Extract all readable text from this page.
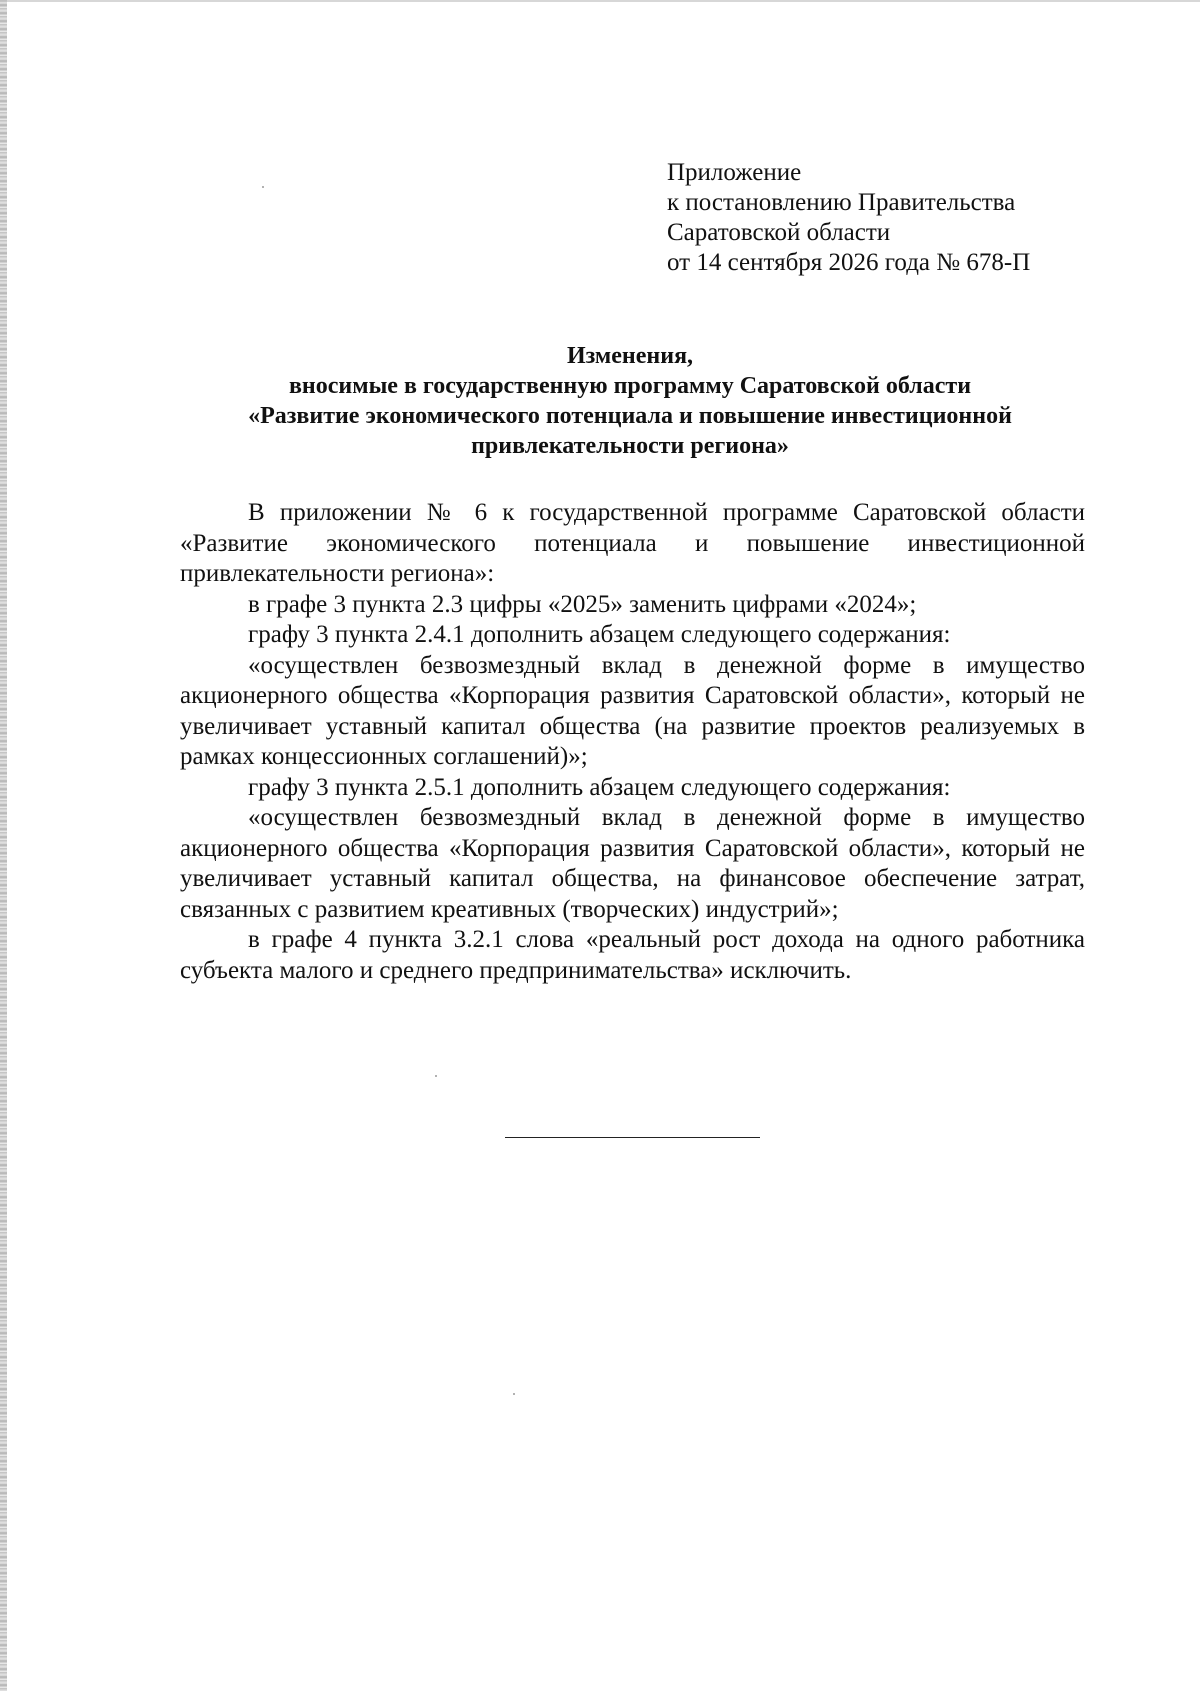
Приложение
к постановлению Правительства
Саратовской области
от 14 сентября 2026 года № 678-П
Изменения,
вносимые в государственную программу Саратовской области
«Развитие экономического потенциала и повышение инвестиционной
привлекательности региона»

В приложении № 6 к государственной программе Саратовской области «Развитие экономического потенциала и повышение инвестиционной привлекательности региона»:

в графе 3 пункта 2.3 цифры «2025» заменить цифрами «2024»;

графу 3 пункта 2.4.1 дополнить абзацем следующего содержания:

«осуществлен безвозмездный вклад в денежной форме в имущество акционерного общества «Корпорация развития Саратовской области», который не увеличивает уставный капитал общества (на развитие проектов реализуемых в рамках концессионных соглашений)»;

графу 3 пункта 2.5.1 дополнить абзацем следующего содержания:

«осуществлен безвозмездный вклад в денежной форме в имущество акционерного общества «Корпорация развития Саратовской области», который не увеличивает уставный капитал общества, на финансовое обеспечение затрат, связанных с развитием креативных (творческих) индустрий»;

в графе 4 пункта 3.2.1 слова «реальный рост дохода на одного работника субъекта малого и среднего предпринимательства» исключить.
